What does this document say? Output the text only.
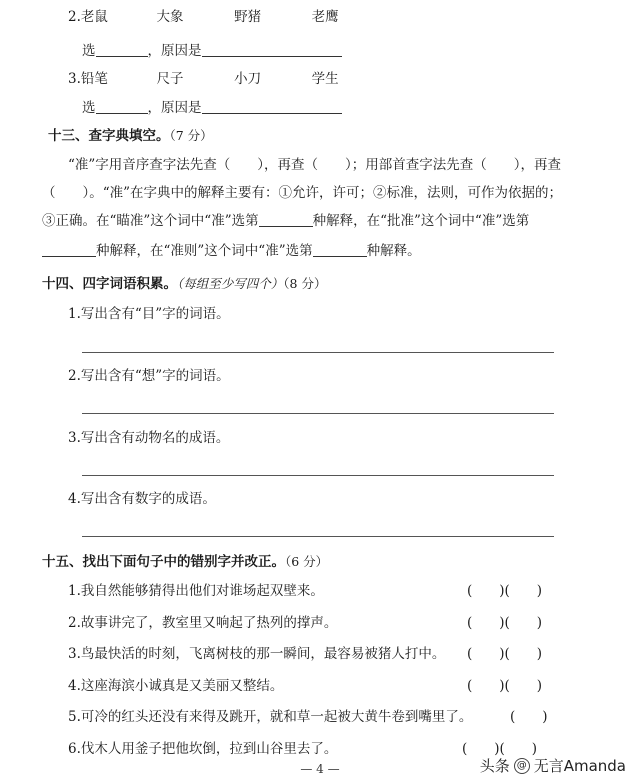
2.老鼠	大象	野猪	老鹰
选	，原因是
3.铅笔	尺子	小刀	学生
选	，原因是
十三、查字典填空。（7 分）
“准”字用音序查字法先查（　　），再查（　　）；用部首查字法先查（　　），再查
（　　）。“准”在字典中的解释主要有：①允许，许可；②标准，法则，可作为依据的；
③正确。在“瞄准”这个词中“准”选第	种解释，在“批准”这个词中“准”选第
种解释，在“准则”这个词中“准”选第	种解释。
十四、四字词语积累。（每组至少写四个）（8 分）
1.写出含有“目”字的词语。
2.写出含有“想”字的词语。
3.写出含有动物名的成语。
4.写出含有数字的成语。
十五、找出下面句子中的错别字并改正。（6 分）
1.我自然能够猜得出他们对谁场起双壁来。	(　　)(　　)
2.故事讲完了，教室里又响起了热列的撑声。	(　　)(　　)
3.鸟最快活的时刻，飞离树枝的那一瞬间，最容易被猪人打中。 (　　)(　　)
4.这座海滨小诚真是又美丽又整结。	(　　)(　　)
5.可冷的红头还没有来得及跳开，就和草一起被大黄牛卷到嘴里了。	(　　)
6.伐木人用釜子把他坎倒，拉到山谷里去了。	(　　)(　　)
— 4 —	头条 @ 无言Amanda
